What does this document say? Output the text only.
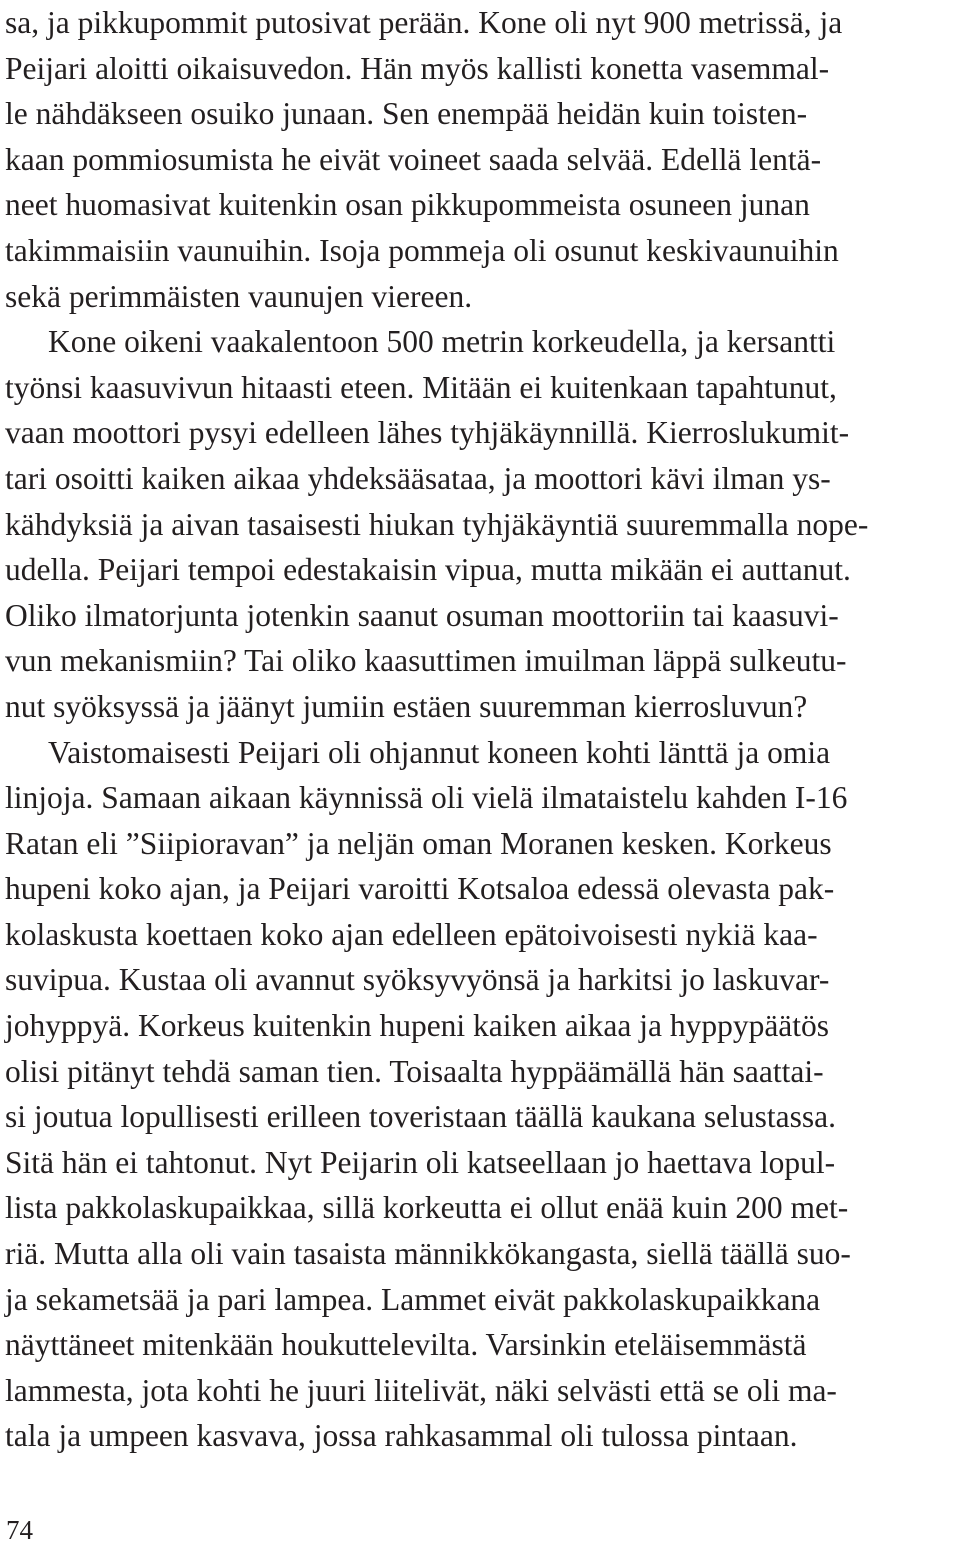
sa, ja pikkupommit putosivat perään. Kone oli nyt 900 metrissä, ja
Peijari aloitti oikaisuvedon. Hän myös kallisti konetta vasemmal-
le nähdäkseen osuiko junaan. Sen enempää heidän kuin toisten-
kaan pommiosumista he eivät voineet saada selvää. Edellä lentä-
neet huomasivat kuitenkin osan pikkupommeista osuneen junan
takimmaisiin vaunuihin. Isoja pommeja oli osunut keskivaunuihin
sekä perimmäisten vaunujen viereen.
Kone oikeni vaakalentoon 500 metrin korkeudella, ja kersantti
työnsi kaasuvivun hitaasti eteen. Mitään ei kuitenkaan tapahtunut,
vaan moottori pysyi edelleen lähes tyhjäkäynnillä. Kierroslukumit-
tari osoitti kaiken aikaa yhdeksääsataa, ja moottori kävi ilman ys-
kähdyksiä ja aivan tasaisesti hiukan tyhjäkäyntiä suuremmalla nope-
udella. Peijari tempoi edestakaisin vipua, mutta mikään ei auttanut.
Oliko ilmatorjunta jotenkin saanut osuman moottoriin tai kaasuvi-
vun mekanismiin? Tai oliko kaasuttimen imuilman läppä sulkeutu-
nut syöksyssä ja jäänyt jumiin estäen suuremman kierrosluvun?
Vaistomaisesti Peijari oli ohjannut koneen kohti länttä ja omia
linjoja. Samaan aikaan käynnissä oli vielä ilmataistelu kahden I-16
Ratan eli ”Siipioravan” ja neljän oman Moranen kesken. Korkeus
hupeni koko ajan, ja Peijari varoitti Kotsaloa edessä olevasta pak-
kolaskusta koettaen koko ajan edelleen epätoivoisesti nykiä kaa-
suvipua. Kustaa oli avannut syöksyvyönsä ja harkitsi jo laskuvar-
johyppyä. Korkeus kuitenkin hupeni kaiken aikaa ja hyppypäätös
olisi pitänyt tehdä saman tien. Toisaalta hyppäämällä hän saattai-
si joutua lopullisesti erilleen toveristaan täällä kaukana selustassa.
Sitä hän ei tahtonut. Nyt Peijarin oli katseellaan jo haettava lopul-
lista pakkolaskupaikkaa, sillä korkeutta ei ollut enää kuin 200 met-
riä. Mutta alla oli vain tasaista männikkökangasta, siellä täällä suo-
ja sekametsää ja pari lampea. Lammet eivät pakkolaskupaikkana
näyttäneet mitenkään houkuttelevilta. Varsinkin eteläisemmästä
lammesta, jota kohti he juuri liitelivät, näki selvästi että se oli ma-
tala ja umpeen kasvava, jossa rahkasammal oli tulossa pintaan.
74
